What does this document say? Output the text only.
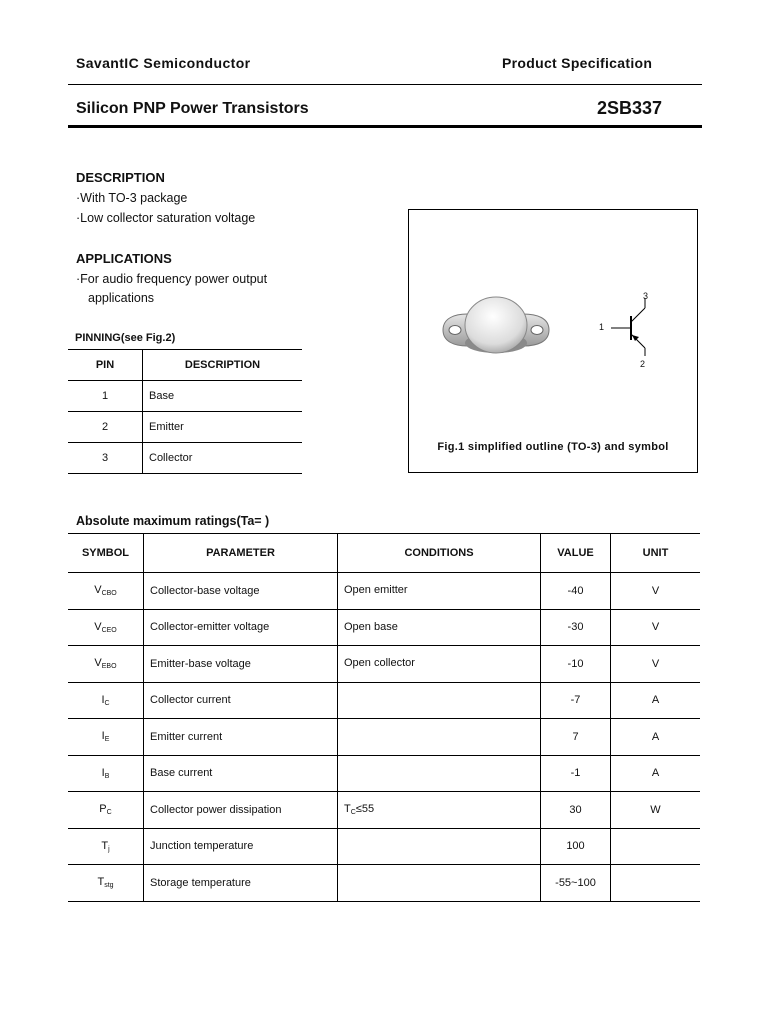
SavantIC Semiconductor	Product Specification
Silicon PNP Power Transistors	2SB337
DESCRIPTION
·With TO-3 package
·Low collector saturation voltage
APPLICATIONS
·For audio frequency power output
applications
PINNING(see Fig.2)
PIN	DESCRIPTION
1	Base
2	Emitter
3	Collector
1
2
3
Fig.1 simplified outline (TO-3) and symbol
Absolute maximum ratings(Ta= )
SYMBOL	PARAMETER	CONDITIONS	VALUE	UNIT
$V_{CBO}$	Collector-base voltage	Open emitter	-40	V
$V_{CEO}$	Collector-emitter voltage	Open base	-30	V
$V_{EBO}$	Emitter-base voltage	Open collector	-10	V
$I_C$	Collector current		-7	A
$I_E$	Emitter current		7	A
$I_B$	Base current		-1	A
$P_C$	Collector power dissipation	$T_C\le 55$	30	W
$T_j$	Junction temperature		100	
$T_{stg}$	Storage temperature		-55~100	
